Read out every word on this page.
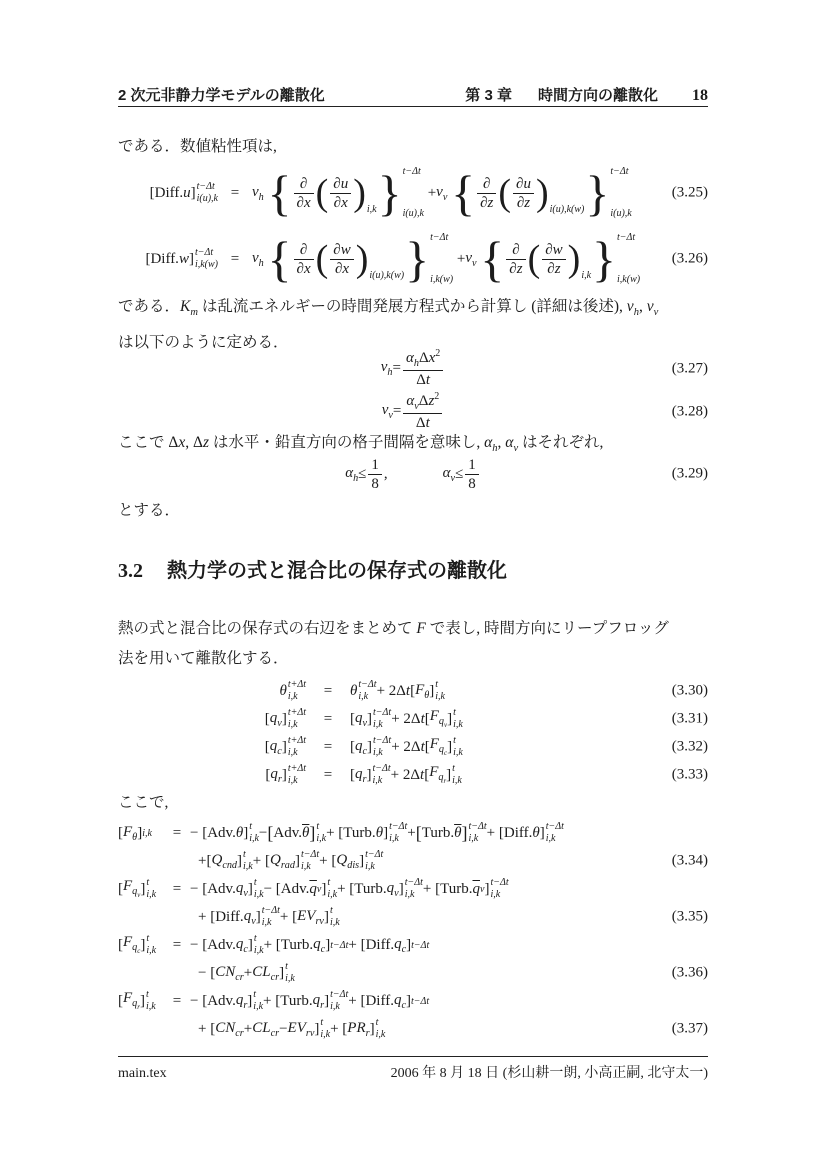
2 次元非静力学モデルの離散化	第 3 章 時間方向の離散化 18
である．数値粘性項は,
[Diff. u ] t−Δt
$i(u),k = \nu_h$
{ $\frac{\partial}{\partial x}$ ( $\frac{\partial u}{\partial x}$ ) i,k } t−Δt
i(u),k
+ $\nu_v$
{ $\frac{\partial}{\partial z}$ ( $\frac{\partial u}{\partial z}$ ) i(u),k(w) } t−Δt
i(u),k
(3.25)
[Diff. w ] t−Δt
$i,k(w) = \nu_h$
{ $\frac{\partial}{\partial x}$ ( $\frac{\partial w}{\partial x}$ ) i(u),k(w) } t−Δt
i,k(w)
+ $\nu_v$
{ $\frac{\partial}{\partial z}$ ( $\frac{\partial w}{\partial z}$ ) i,k } t−Δt
i,k(w)
(3.26)
である．$K_m$ は乱流エネルギーの時間発展方程式から計算し (詳細は後述), $\nu_h$, $\nu_v$
は以下のように定める．
$\nu_h = \frac{\alpha_h\Delta x^2}{\Delta t}$	(3.27)
$\nu_v = \frac{\alpha_v\Delta z^2}{\Delta t}$	(3.28)
ここで Δx, Δz は水平・鉛直方向の格子間隔を意味し, $\alpha_h$, $\alpha_v$ はそれぞれ,
$\alpha_h \le \frac{1}{8}$ ,	$\alpha_v \le \frac{1}{8}$	(3.29)
とする．
3.2 熱力学の式と混合比の保存式の離散化
熱の式と混合比の保存式の右辺をまとめて F で表し, 時間方向にリープフロッグ
法を用いて離散化する．
θ t+Δt
i,k	=	θ t−Δt
i,k + 2Δ t [ $F_\theta$ ] t
i,k	(3.30)
[ $q_v$ ] t+Δt
i,k	=	[ $q_v$ ] t−Δt
i,k + 2Δ t [ $F_{q_v}$ ] t
i,k	(3.31)
[ $q_c$ ] t+Δt
i,k	=	[ $q_c$ ] t−Δt
i,k + 2Δ t [ $F_{q_c}$ ] t
i,k	(3.32)
[ $q_r$ ] t+Δt
i,k	=	[ $q_r$ ] t−Δt
i,k + 2Δ t [ $F_{q_r}$ ] t
i,k	(3.33)
ここで,
[ $F_\theta$ ] i,k	= − [Adv. θ ] t
i,k − [ Adv. $\overline{\theta}$ ] t
i,k + [Turb. θ ] t−Δt
i,k + [ Turb. $\overline{\theta}$ ] t−Δt
i,k + [Diff. θ ] t−Δt
i,k
+[ $Q_{cnd}$ ] t
i,k + [ $Q_{rad}$ ] t−Δt
i,k + [ $Q_{dis}$ ] t−Δt
i,k	(3.34)
[ $F_{q_v}$ ] t
i,k	= − [Adv. $q_v$ ] t
i,k − [Adv. $\overline{q}$ v ] t
i,k + [Turb. $q_v$ ] t−Δt
i,k + [Turb. $\overline{q}$ v ] t−Δt
i,k
+ [Diff. $q_v$ ] t−Δt
i,k + [ $EV_{rv}$ ] t
i,k	(3.35)
[ $F_{q_c}$ ] t
i,k	= − [Adv. $q_c$ ] t
i,k + [Turb. $q_c$ ] t−Δt + [Diff. $q_c$ ] t−Δt
− [ $CN_{cr} + CL_{cr}$ ] t
i,k	(3.36)
[ $F_{q_r}$ ] t
i,k	= − [Adv. $q_r$ ] t
i,k + [Turb. $q_r$ ] t−Δt
i,k + [Diff. $q_c$ ] t−Δt
+ [ $CN_{cr} + CL_{cr} - EV_{rv}$ ] t
i,k + [ $PR_r$ ] t
i,k	(3.37)
main.tex	2006 年 8 月 18 日 (杉山耕一朗, 小高正嗣, 北守太一)
